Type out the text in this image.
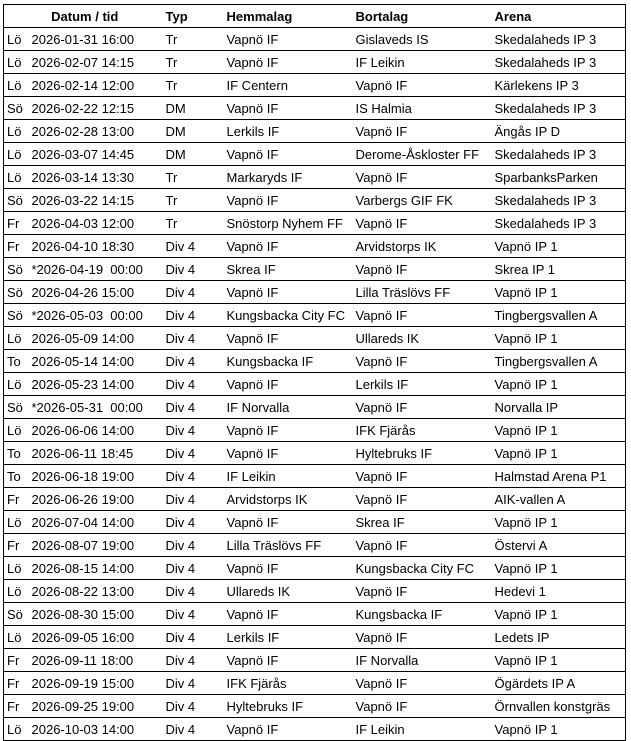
Datum / tid		Typ	Hemmalag	Bortalag	Arena
Lö	2026-01-31 16:00	Tr	Vapnö IF	Gislaveds IS	Skedalaheds IP 3
Lö	2026-02-07 14:15	Tr	Vapnö IF	IF Leikin	Skedalaheds IP 3
Lö	2026-02-14 12:00	Tr	IF Centern	Vapnö IF	Kärlekens IP 3
Sö	2026-02-22 12:15	DM	Vapnö IF	IS Halmia	Skedalaheds IP 3
Lö	2026-02-28 13:00	DM	Lerkils IF	Vapnö IF	Ängås IP D
Lö	2026-03-07 14:45	DM	Vapnö IF	Derome-Åskloster FF	Skedalaheds IP 3
Lö	2026-03-14 13:30	Tr	Markaryds IF	Vapnö IF	SparbanksParken
Sö	2026-03-22 14:15	Tr	Vapnö IF	Varbergs GIF FK	Skedalaheds IP 3
Fr	2026-04-03 12:00	Tr	Snöstorp Nyhem FF	Vapnö IF	Skedalaheds IP 3
Fr	2026-04-10 18:30	Div 4	Vapnö IF	Arvidstorps IK	Vapnö IP 1
Sö	*2026-04-19  00:00	Div 4	Skrea IF	Vapnö IF	Skrea IP 1
Sö	2026-04-26 15:00	Div 4	Vapnö IF	Lilla Träslövs FF	Vapnö IP 1
Sö	*2026-05-03  00:00	Div 4	Kungsbacka City FC	Vapnö IF	Tingbergsvallen A
Lö	2026-05-09 14:00	Div 4	Vapnö IF	Ullareds IK	Vapnö IP 1
To	2026-05-14 14:00	Div 4	Kungsbacka IF	Vapnö IF	Tingbergsvallen A
Lö	2026-05-23 14:00	Div 4	Vapnö IF	Lerkils IF	Vapnö IP 1
Sö	*2026-05-31  00:00	Div 4	IF Norvalla	Vapnö IF	Norvalla IP
Lö	2026-06-06 14:00	Div 4	Vapnö IF	IFK Fjärås	Vapnö IP 1
To	2026-06-11 18:45	Div 4	Vapnö IF	Hyltebruks IF	Vapnö IP 1
To	2026-06-18 19:00	Div 4	IF Leikin	Vapnö IF	Halmstad Arena P1
Fr	2026-06-26 19:00	Div 4	Arvidstorps IK	Vapnö IF	AIK-vallen A
Lö	2026-07-04 14:00	Div 4	Vapnö IF	Skrea IF	Vapnö IP 1
Fr	2026-08-07 19:00	Div 4	Lilla Träslövs FF	Vapnö IF	Östervi A
Lö	2026-08-15 14:00	Div 4	Vapnö IF	Kungsbacka City FC	Vapnö IP 1
Lö	2026-08-22 13:00	Div 4	Ullareds IK	Vapnö IF	Hedevi 1
Sö	2026-08-30 15:00	Div 4	Vapnö IF	Kungsbacka IF	Vapnö IP 1
Lö	2026-09-05 16:00	Div 4	Lerkils IF	Vapnö IF	Ledets IP
Fr	2026-09-11 18:00	Div 4	Vapnö IF	IF Norvalla	Vapnö IP 1
Fr	2026-09-19 15:00	Div 4	IFK Fjärås	Vapnö IF	Ögärdets IP A
Fr	2026-09-25 19:00	Div 4	Hyltebruks IF	Vapnö IF	Örnvallen konstgräs
Lö	2026-10-03 14:00	Div 4	Vapnö IF	IF Leikin	Vapnö IP 1
